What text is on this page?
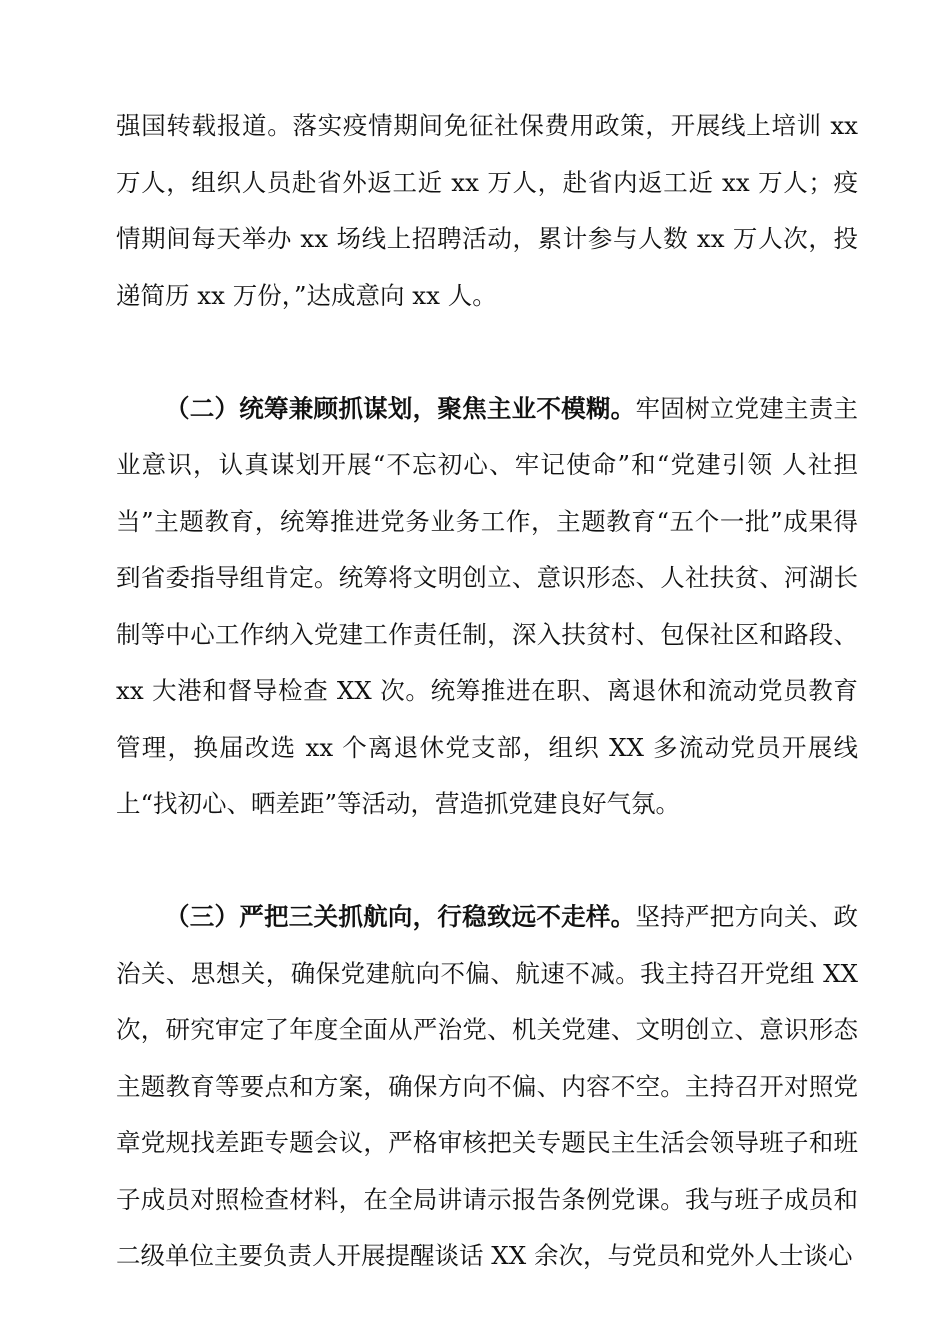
强国转载报道。落实疫情期间免征社保费用政策，开展线上培训 xx 万人，组织人员赴省外返工近 xx 万人，赴省内返工近 xx 万人；疫情期间每天举办 xx 场线上招聘活动，累计参与人数 xx 万人次，投递简历 xx 万份，”达成意向 xx 人。

（二）统筹兼顾抓谋划，聚焦主业不模糊。牢固树立党建主责主业意识，认真谋划开展“不忘初心、牢记使命”和“党建引领 人社担当”主题教育，统筹推进党务业务工作，主题教育“五个一批”成果得到省委指导组肯定。统筹将文明创立、意识形态、人社扶贫、河湖长制等中心工作纳入党建工作责任制，深入扶贫村、包保社区和路段、xx 大港和督导检查 XX 次。统筹推进在职、离退休和流动党员教育管理，换届改选 xx 个离退休党支部，组织 XX 多流动党员开展线上“找初心、晒差距”等活动，营造抓党建良好气氛。

（三）严把三关抓航向，行稳致远不走样。坚持严把方向关、政治关、思想关，确保党建航向不偏、航速不减。我主持召开党组 XX 次，研究审定了年度全面从严治党、机关党建、文明创立、意识形态主题教育等要点和方案，确保方向不偏、内容不空。主持召开对照党章党规找差距专题会议，严格审核把关专题民主生活会领导班子和班子成员对照检查材料，在全局讲请示报告条例党课。我与班子成员和二级单位主要负责人开展提醒谈话 XX 余次，与党员和党外人士谈心
